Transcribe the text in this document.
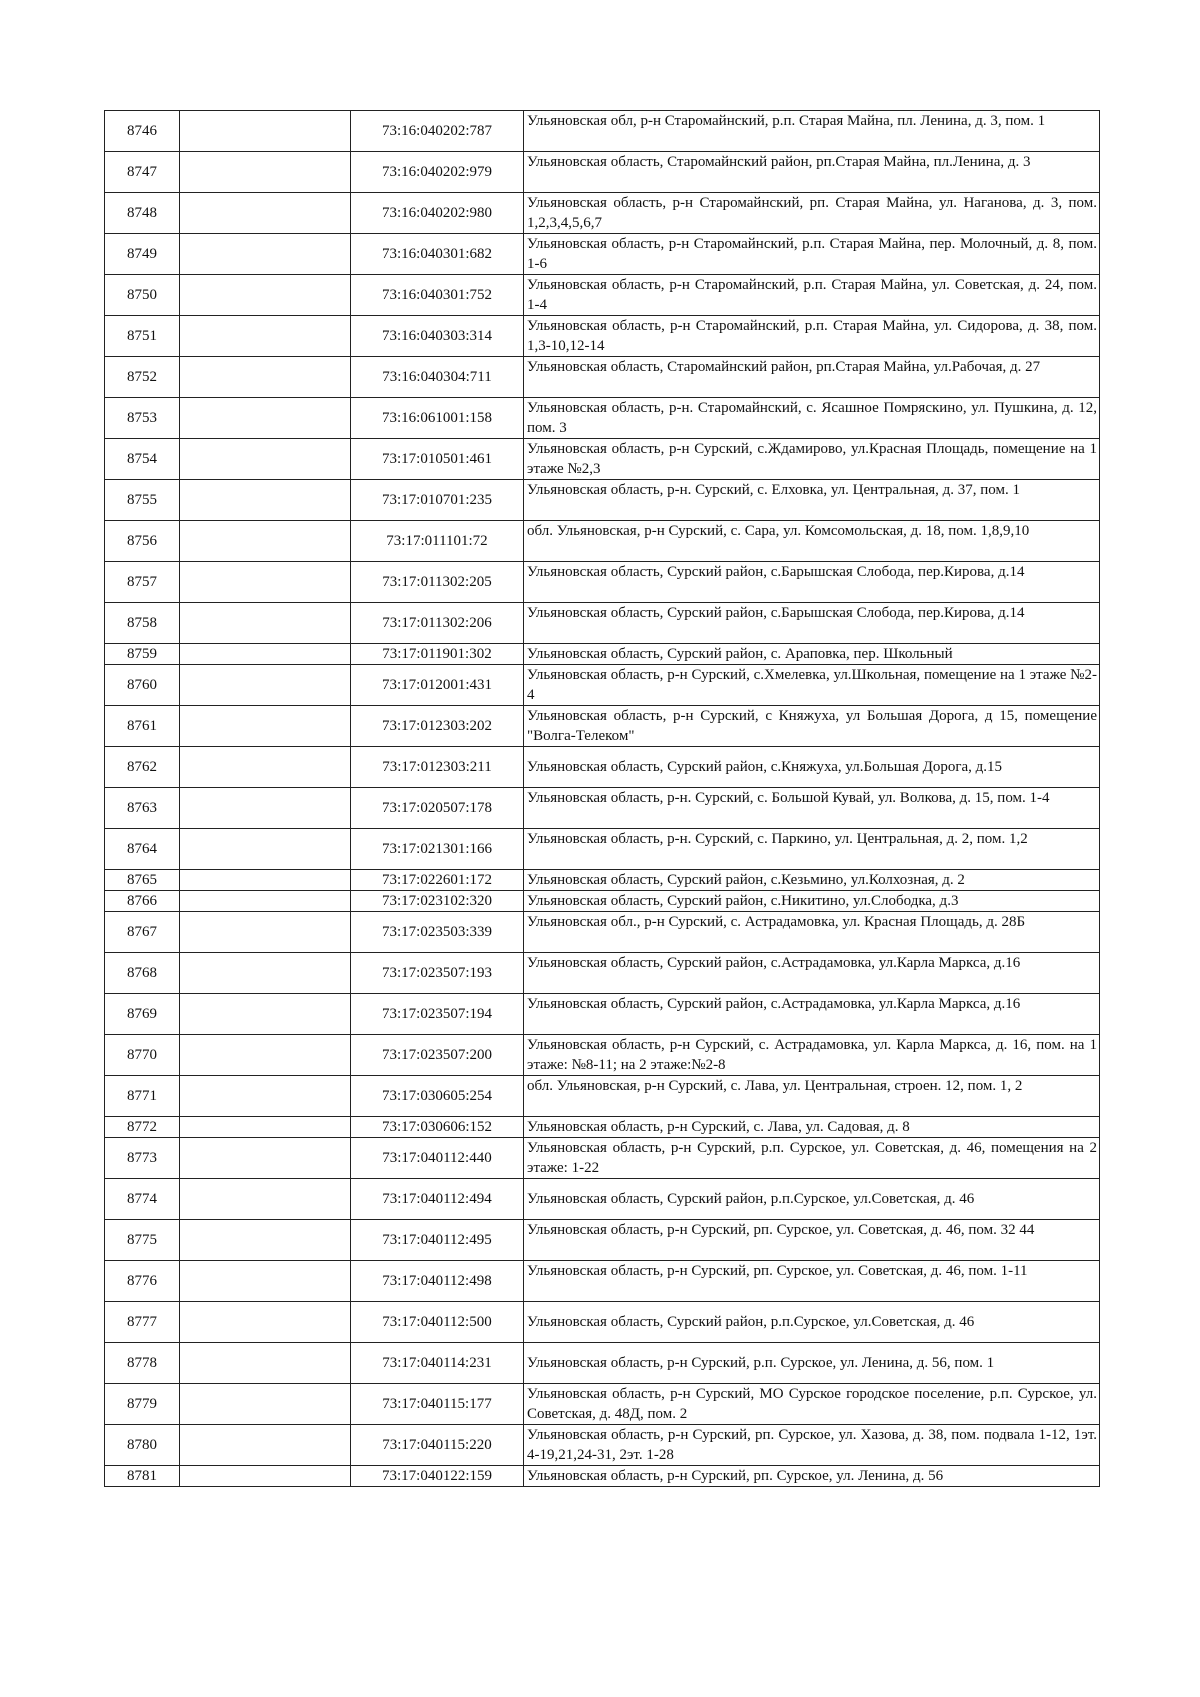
8746		73:16:040202:787	Ульяновская обл, р-н Старомайнский, р.п. Старая Майна, пл. Ленина, д. 3, пом. 1
8747		73:16:040202:979	Ульяновская область, Старомайнский район, рп.Старая Майна, пл.Ленина, д. 3
8748		73:16:040202:980	Ульяновская область, р-н Старомайнский, рп. Старая Майна, ул. Наганова, д. 3, пом. 1,2,3,4,5,6,7
8749		73:16:040301:682	Ульяновская область, р-н Старомайнский, р.п. Старая Майна, пер. Молочный, д. 8, пом. 1-6
8750		73:16:040301:752	Ульяновская область, р-н Старомайнский, р.п. Старая Майна, ул. Советская, д. 24, пом. 1-4
8751		73:16:040303:314	Ульяновская область, р-н Старомайнский, р.п. Старая Майна, ул. Сидорова, д. 38, пом. 1,3-10,12-14
8752		73:16:040304:711	Ульяновская область, Старомайнский район, рп.Старая Майна, ул.Рабочая, д. 27
8753		73:16:061001:158	Ульяновская область, р-н. Старомайнский, с. Ясашное Помряскино, ул. Пушкина, д. 12, пом. 3
8754		73:17:010501:461	Ульяновская область, р-н Сурский, с.Ждамирово, ул.Красная Площадь, помещение на 1 этаже №2,3
8755		73:17:010701:235	Ульяновская область, р-н. Сурский, с. Елховка, ул. Центральная, д. 37, пом. 1
8756		73:17:011101:72	обл. Ульяновская, р-н Сурский, с. Сара, ул. Комсомольская, д. 18, пом. 1,8,9,10
8757		73:17:011302:205	Ульяновская область, Сурский район, с.Барышская Слобода, пер.Кирова, д.14
8758		73:17:011302:206	Ульяновская область, Сурский район, с.Барышская Слобода, пер.Кирова, д.14
8759		73:17:011901:302	Ульяновская область, Сурский район, с. Араповка, пер. Школьный
8760		73:17:012001:431	Ульяновская область, р-н Сурский, с.Хмелевка, ул.Школьная, помещение на 1 этаже №2-4
8761		73:17:012303:202	Ульяновская область, р-н Сурский, с Княжуха, ул Большая Дорога, д 15, помещение "Волга-Телеком"
8762		73:17:012303:211	Ульяновская область, Сурский район, с.Княжуха, ул.Большая Дорога, д.15
8763		73:17:020507:178	Ульяновская область, р-н. Сурский, с. Большой Кувай, ул. Волкова, д. 15, пом. 1-4
8764		73:17:021301:166	Ульяновская область, р-н. Сурский, с. Паркино, ул. Центральная, д. 2, пом. 1,2
8765		73:17:022601:172	Ульяновская область, Сурский район, с.Кезьмино, ул.Колхозная, д. 2
8766		73:17:023102:320	Ульяновская область, Сурский район, с.Никитино, ул.Слободка, д.3
8767		73:17:023503:339	Ульяновская обл., р-н Сурский, с. Астрадамовка, ул. Красная Площадь, д. 28Б
8768		73:17:023507:193	Ульяновская область, Сурский район, с.Астрадамовка, ул.Карла Маркса, д.16
8769		73:17:023507:194	Ульяновская область, Сурский район, с.Астрадамовка, ул.Карла Маркса, д.16
8770		73:17:023507:200	Ульяновская область, р-н Сурский, с. Астрадамовка, ул. Карла Маркса, д. 16, пом. на 1 этаже: №8-11; на 2 этаже:№2-8
8771		73:17:030605:254	обл. Ульяновская, р-н Сурский, с. Лава, ул. Центральная, строен. 12, пом. 1, 2
8772		73:17:030606:152	Ульяновская область, р-н Сурский, с. Лава, ул. Садовая, д. 8
8773		73:17:040112:440	Ульяновская область, р-н Сурский, р.п. Сурское, ул. Советская, д. 46, помещения на 2 этаже: 1-22
8774		73:17:040112:494	Ульяновская область, Сурский район, р.п.Сурское, ул.Советская, д. 46
8775		73:17:040112:495	Ульяновская область, р-н Сурский, рп. Сурское, ул. Советская, д. 46, пом. 32 44
8776		73:17:040112:498	Ульяновская область, р-н Сурский, рп. Сурское, ул. Советская, д. 46, пом. 1-11
8777		73:17:040112:500	Ульяновская область, Сурский район, р.п.Сурское, ул.Советская, д. 46
8778		73:17:040114:231	Ульяновская область, р-н Сурский, р.п. Сурское, ул. Ленина, д. 56, пом. 1
8779		73:17:040115:177	Ульяновская область, р-н Сурский, МО Сурское городское поселение, р.п. Сурское, ул. Советская, д. 48Д, пом. 2
8780		73:17:040115:220	Ульяновская область, р-н Сурский, рп. Сурское, ул. Хазова, д. 38, пом. подвала 1-12, 1эт. 4-19,21,24-31, 2эт. 1-28
8781		73:17:040122:159	Ульяновская область, р-н Сурский, рп. Сурское, ул. Ленина, д. 56
